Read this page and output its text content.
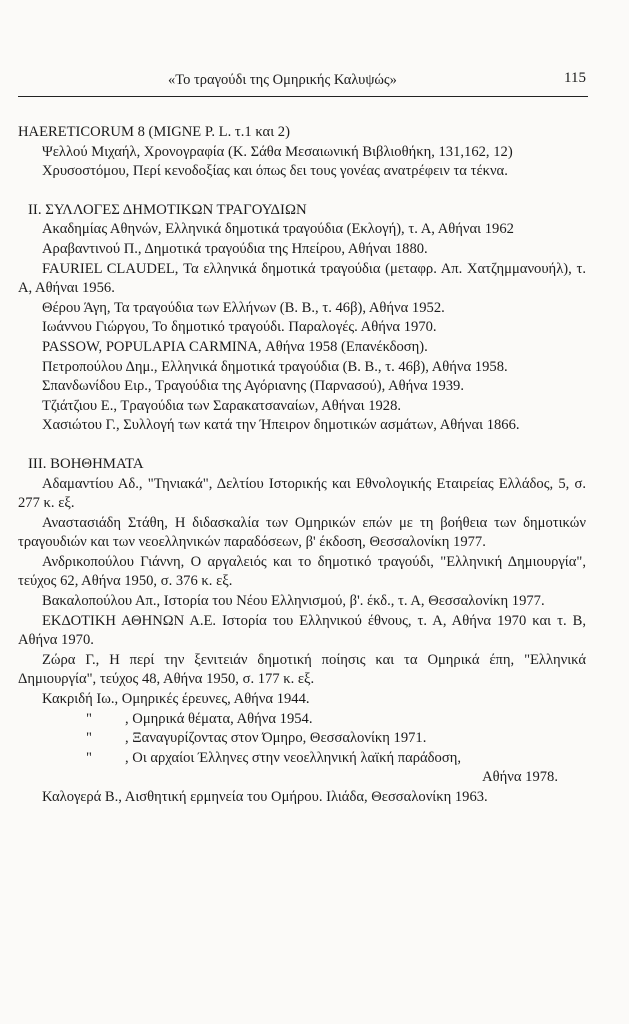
«Το τραγούδι της Ομηρικής Καλυψώς»	115

HAERETICORUM 8 (MIGNE P. L. τ.1 και 2)

Ψελλού Μιχαήλ, Χρονογραφία (Κ. Σάθα Μεσαιωνική Βιβλιοθήκη, 131,162, 12)

Χρυσοστόμου, Περί κενοδοξίας και όπως δει τους γονέας ανατρέφειν τα τέκνα.

II. ΣΥΛΛΟΓΕΣ ΔΗΜΟΤΙΚΩΝ ΤΡΑΓΟΥΔΙΩΝ

Ακαδημίας Αθηνών, Ελληνικά δημοτικά τραγούδια (Εκλογή), τ. Α, Αθήναι 1962

Αραβαντινού Π., Δημοτικά τραγούδια της Ηπείρου, Αθήναι 1880.

FAURIEL CLAUDEL, Τα ελληνικά δημοτικά τραγούδια (μεταφρ. Απ. Χατζημμανουήλ), τ. Α, Αθήναι 1956.

Θέρου Άγη, Τα τραγούδια των Ελλήνων (Β. Β., τ. 46β), Αθήνα 1952.

Ιωάννου Γιώργου, Το δημοτικό τραγούδι. Παραλογές. Αθήνα 1970.

PASSOW, POPULAPIA CARMINA, Αθήνα 1958 (Επανέκδοση).

Πετροπούλου Δημ., Ελληνικά δημοτικά τραγούδια (Β. Β., τ. 46β), Αθήνα 1958.

Σπανδωνίδου Ειρ., Τραγούδια της Αγόριανης (Παρνασού), Αθήνα 1939.

Τζιάτζιου Ε., Τραγούδια των Σαρακατσαναίων, Αθήναι 1928.

Χασιώτου Γ., Συλλογή των κατά την Ήπειρον δημοτικών ασμάτων, Αθήναι 1866.

III. ΒΟΗΘΗΜΑΤΑ

Αδαμαντίου Αδ., "Τηνιακά", Δελτίου Ιστορικής και Εθνολογικής Εταιρείας Ελλάδος, 5, σ. 277 κ. εξ.

Αναστασιάδη Στάθη, Η διδασκαλία των Ομηρικών επών με τη βοήθεια των δημοτικών τραγουδιών και των νεοελληνικών παραδόσεων, β' έκδοση, Θεσσαλονίκη 1977.

Ανδρικοπούλου Γιάννη, Ο αργαλειός και το δημοτικό τραγούδι, "Ελληνική Δημιουργία", τεύχος 62, Αθήνα 1950, σ. 376 κ. εξ.

Βακαλοπούλου Απ., Ιστορία του Νέου Ελληνισμού, β'. έκδ., τ. Α, Θεσσαλονίκη 1977.

ΕΚΔΟΤΙΚΗ ΑΘΗΝΩΝ Α.Ε. Ιστορία του Ελληνικού έθνους, τ. Α, Αθήνα 1970 και τ. Β, Αθήνα 1970.

Ζώρα Γ., Η περί την ξενιτειάν δημοτική ποίησις και τα Ομηρικά έπη, "Ελληνικά Δημιουργία", τεύχος 48, Αθήνα 1950, σ. 177 κ. εξ.

Κακριδή Ιω., Ομηρικές έρευνες, Αθήνα 1944.

" , Ομηρικά θέματα, Αθήνα 1954.
" , Ξαναγυρίζοντας στον Όμηρο, Θεσσαλονίκη 1971.
" , Οι αρχαίοι Έλληνες στην νεοελληνική λαϊκή παράδοση,

Αθήνα 1978.

Καλογερά Β., Αισθητική ερμηνεία του Ομήρου. Ιλιάδα, Θεσσαλονίκη 1963.
